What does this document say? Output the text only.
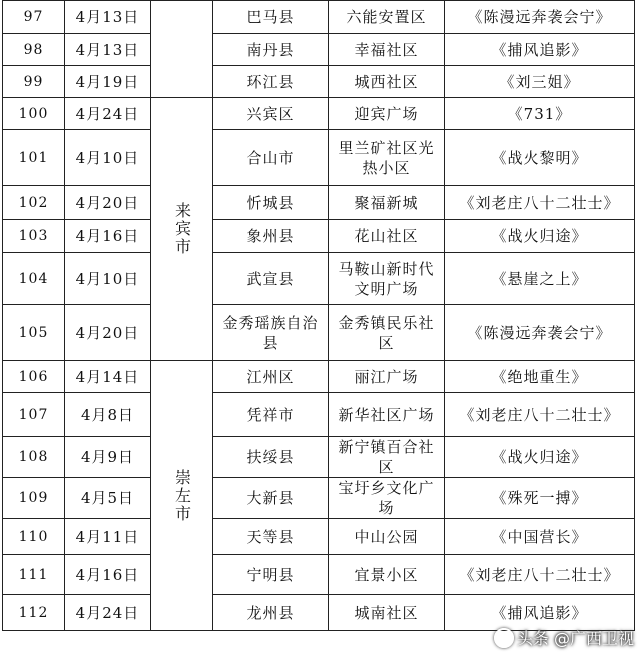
97	4月13日		巴马县	六能安置区	《陈漫远奔袭会宁》
98	4月13日		南丹县	幸福社区	《捕风追影》
99	4月19日		环江县	城西社区	《刘三姐》
100	4月24日	来宾市	兴宾区	迎宾广场	《731》
101	4月10日		合山市	里兰矿社区光热小区	《战火黎明》
102	4月20日		忻城县	聚福新城	《刘老庄八十二壮士》
103	4月16日		象州县	花山社区	《战火归途》
104	4月10日		武宣县	马鞍山新时代文明广场	《悬崖之上》
105	4月20日		金秀瑶族自治县	金秀镇民乐社区	《陈漫远奔袭会宁》
106	4月14日	崇左市	江州区	丽江广场	《绝地重生》
107	4月8日		凭祥市	新华社区广场	《刘老庄八十二壮士》
108	4月9日		扶绥县	新宁镇百合社区	《战火归途》
109	4月5日		大新县	宝圩乡文化广场	《殊死一搏》
110	4月11日		天等县	中山公园	《中国营长》
111	4月16日		宁明县	宜景小区	《刘老庄八十二壮士》
112	4月24日		龙州县	城南社区	《捕风追影》
头条 @广西卫视
